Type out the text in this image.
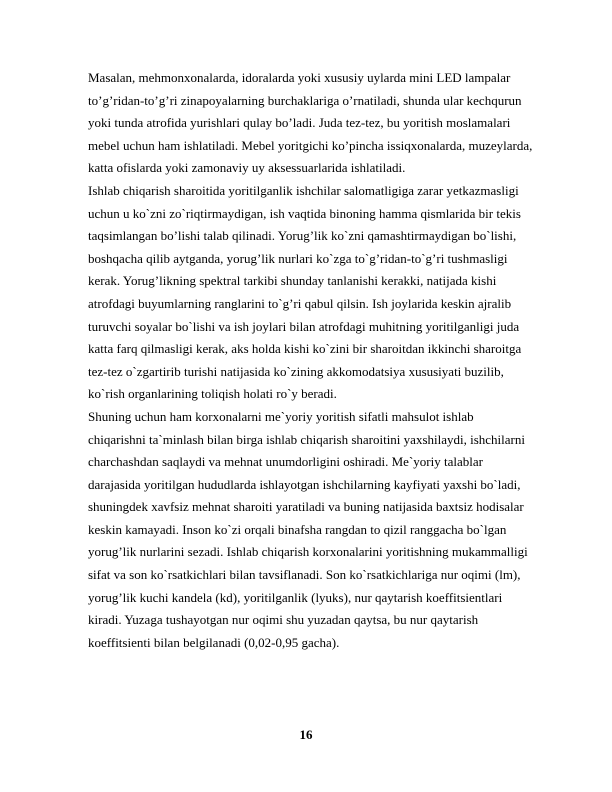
Masalan, mehmonxonalarda, idoralarda yoki xususiy uylarda mini LED lampalar
to’g’ridan-to’g’ri zinapoyalarning burchaklariga o’rnatiladi, shunda ular kechqurun
yoki tunda atrofida yurishlari qulay bo’ladi. Juda tez-tez, bu yoritish moslamalari
mebel uchun ham ishlatiladi. Mebel yoritgichi ko’pincha issiqxonalarda, muzeylarda,
katta ofislarda yoki zamonaviy uy aksessuarlarida ishlatiladi.
Ishlab chiqarish sharoitida yoritilganlik ishchilar salomatligiga zarar yetkazmasligi
uchun u ko`zni zo`riqtirmaydigan, ish vaqtida binoning hamma qismlarida bir tekis
taqsimlangan bo’lishi talab qilinadi. Yorug’lik ko`zni qamashtirmaydigan bo`lishi,
boshqacha qilib aytganda, yorug’lik nurlari ko`zga to`g’ridan-to`g’ri tushmasligi
kerak. Yorug’likning spektral tarkibi shunday tanlanishi kerakki, natijada kishi
atrofdagi buyumlarning ranglarini to`g’ri qabul qilsin. Ish joylarida keskin ajralib
turuvchi soyalar bo`lishi va ish joylari bilan atrofdagi muhitning yoritilganligi juda
katta farq qilmasligi kerak, aks holda kishi ko`zini bir sharoitdan ikkinchi sharoitga
tez-tez o`zgartirib turishi natijasida ko`zining akkomodatsiya xususiyati buzilib,
ko`rish organlarining toliqish holati ro`y beradi.
Shuning uchun ham korxonalarni me`yoriy yoritish sifatli mahsulot ishlab
chiqarishni ta`minlash bilan birga ishlab chiqarish sharoitini yaxshilaydi, ishchilarni
charchashdan saqlaydi va mehnat unumdorligini oshiradi. Me`yoriy talablar
darajasida yoritilgan hududlarda ishlayotgan ishchilarning kayfiyati yaxshi bo`ladi,
shuningdek xavfsiz mehnat sharoiti yaratiladi va buning natijasida baxtsiz hodisalar
keskin kamayadi. Inson ko`zi orqali binafsha rangdan to qizil ranggacha bo`lgan
yorug’lik nurlarini sezadi. Ishlab chiqarish korxonalarini yoritishning mukammalligi
sifat va son ko`rsatkichlari bilan tavsiflanadi. Son ko`rsatkichlariga nur oqimi (lm),
yorug’lik kuchi kandela (kd), yoritilganlik (lyuks), nur qaytarish koeffitsientlari
kiradi. Yuzaga tushayotgan nur oqimi shu yuzadan qaytsa, bu nur qaytarish
koeffitsienti bilan belgilanadi (0,02-0,95 gacha).
16
